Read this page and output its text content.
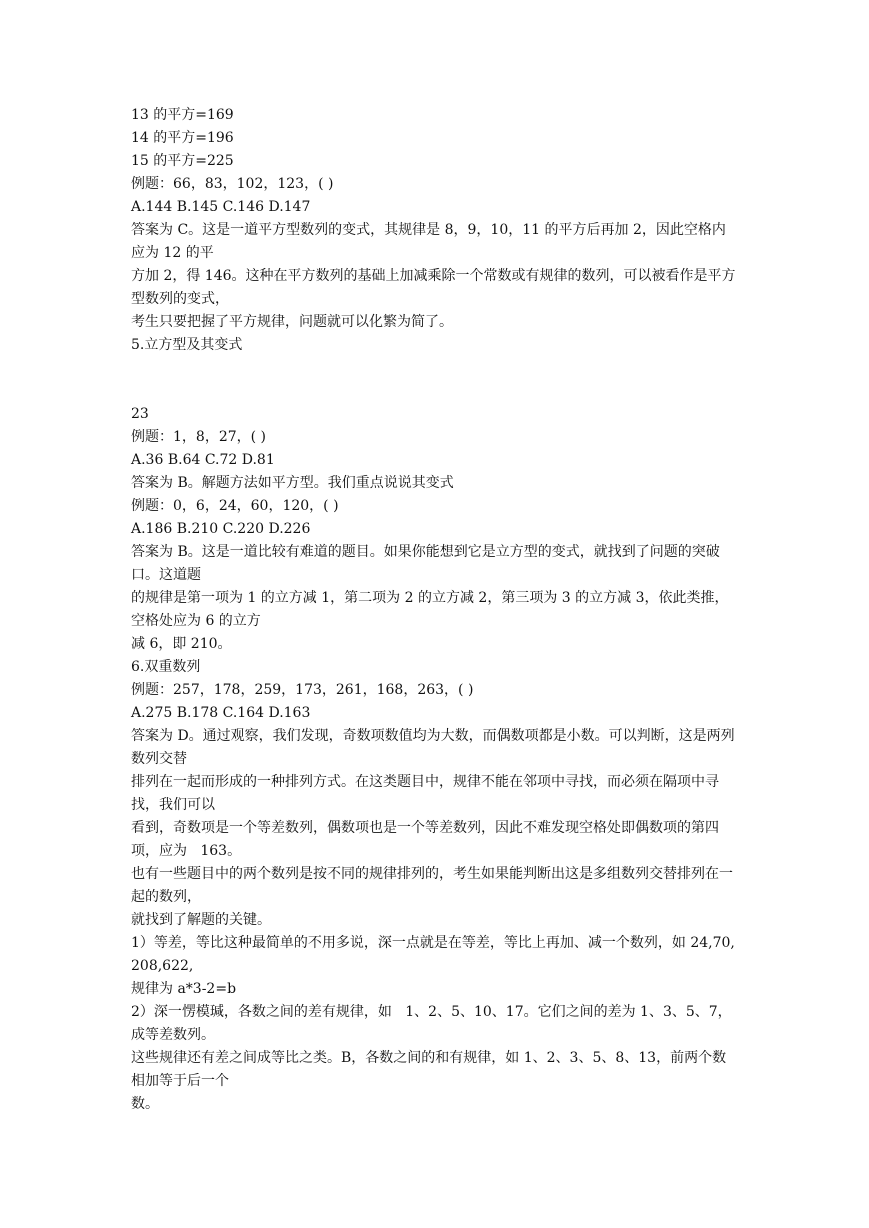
13 的平方=169
14 的平方=196
15 的平方=225
例题：66，83，102，123，( )
A.144 B.145 C.146 D.147
答案为 C。这是一道平方型数列的变式，其规律是 8，9，10，11 的平方后再加 2，因此空格内应为 12 的平
方加 2，得 146。这种在平方数列的基础上加减乘除一个常数或有规律的数列，可以被看作是平方型数列的变式，
考生只要把握了平方规律，问题就可以化繁为简了。
5.立方型及其变式
23
例题：1，8，27，( )
A.36 B.64 C.72 D.81
答案为 B。解题方法如平方型。我们重点说说其变式
例题：0，6，24，60，120，( )
A.186 B.210 C.220 D.226
答案为 B。这是一道比较有难道的题目。如果你能想到它是立方型的变式，就找到了问题的突破口。这道题
的规律是第一项为 1 的立方减 1，第二项为 2 的立方减 2，第三项为 3 的立方减 3，依此类推，空格处应为 6 的立方
减 6，即 210。
6.双重数列
例题：257，178，259，173，261，168，263，( )
A.275 B.178 C.164 D.163
答案为 D。通过观察，我们发现，奇数项数值均为大数，而偶数项都是小数。可以判断，这是两列数列交替
排列在一起而形成的一种排列方式。在这类题目中，规律不能在邻项中寻找，而必须在隔项中寻找，我们可以
看到，奇数项是一个等差数列，偶数项也是一个等差数列，因此不难发现空格处即偶数项的第四项，应为   163。
也有一些题目中的两个数列是按不同的规律排列的，考生如果能判断出这是多组数列交替排列在一起的数列，
就找到了解题的关键。
1）等差，等比这种最简单的不用多说，深一点就是在等差，等比上再加、减一个数列，如 24,70,208,622,
规律为 a*3-2=b
2）深一愣模瑊，各数之间的差有规律，如   1、2、5、10、17。它们之间的差为 1、3、5、7，成等差数列。
这些规律还有差之间成等比之类。B，各数之间的和有规律，如 1、2、3、5、8、13，前两个数相加等于后一个
数。
